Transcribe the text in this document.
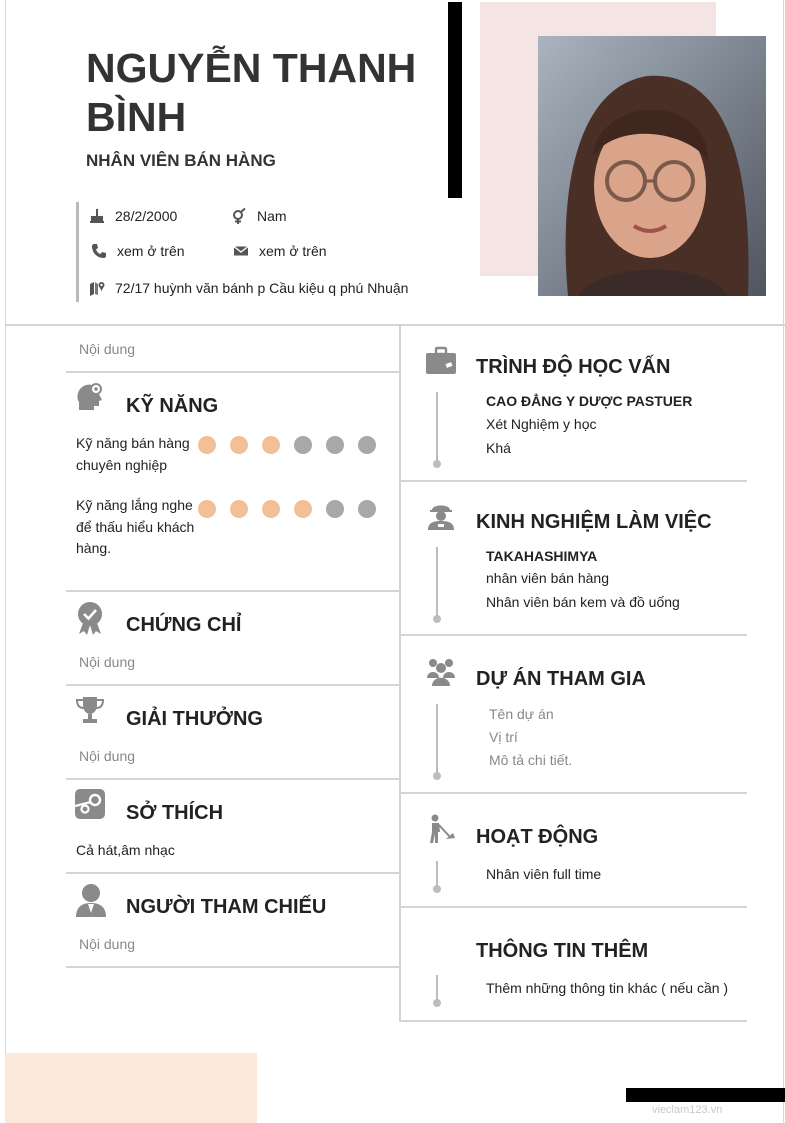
NGUYỄN THANH BÌNH
NHÂN VIÊN BÁN HÀNG
28/2/2000	Nam
xem ở trên	xem ở trên
72/17 huỳnh văn bánh p Cầu kiệu q phú Nhuận
Nội dung
KỸ NĂNG
Kỹ năng bán hàng chuyên nghiệp
Kỹ năng lắng nghe để thấu hiểu khách hàng.
CHỨNG CHỈ
Nội dung
GIẢI THƯỞNG
Nội dung
SỞ THÍCH
Cả hát,âm nhạc
NGƯỜI THAM CHIẾU
Nội dung
TRÌNH ĐỘ HỌC VẤN
CAO ĐẲNG Y DƯỢC PASTUER
Xét Nghiệm y học
Khá
KINH NGHIỆM LÀM VIỆC
TAKAHASHIMYA
nhân viên bán hàng
Nhân viên bán kem và đồ uống
DỰ ÁN THAM GIA
Tên dự án
Vị trí
Mô tả chi tiết.
HOẠT ĐỘNG
Nhân viên full time
THÔNG TIN THÊM
Thêm những thông tin khác ( nếu cần )
vieclam123.vn
